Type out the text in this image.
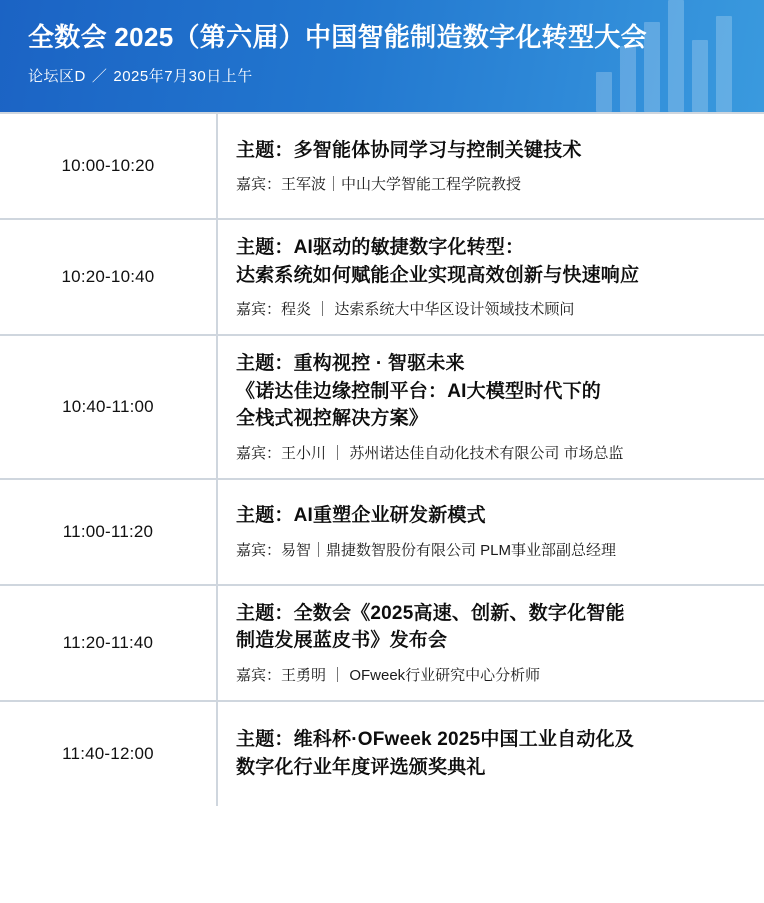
全数会 2025（第六届）中国智能制造数字化转型大会
论坛区D ／ 2025年7月30日上午
10:00-10:20
主题：多智能体协同学习与控制关键技术
嘉宾：王军波｜中山大学智能工程学院教授
10:20-10:40
主题：AI驱动的敏捷数字化转型：
达索系统如何赋能企业实现高效创新与快速响应
嘉宾：程炎 ｜ 达索系统大中华区设计领域技术顾问
10:40-11:00
主题：重构视控 · 智驱未来
《诺达佳边缘控制平台：AI大模型时代下的
全栈式视控解决方案》
嘉宾：王小川 ｜ 苏州诺达佳自动化技术有限公司 市场总监
11:00-11:20
主题：AI重塑企业研发新模式
嘉宾：易智｜鼎捷数智股份有限公司 PLM事业部副总经理
11:20-11:40
主题：全数会《2025高速、创新、数字化智能
制造发展蓝皮书》发布会
嘉宾：王勇明 ｜ OFweek行业研究中心分析师
11:40-12:00
主题：维科杯·OFweek 2025中国工业自动化及
数字化行业年度评选颁奖典礼
